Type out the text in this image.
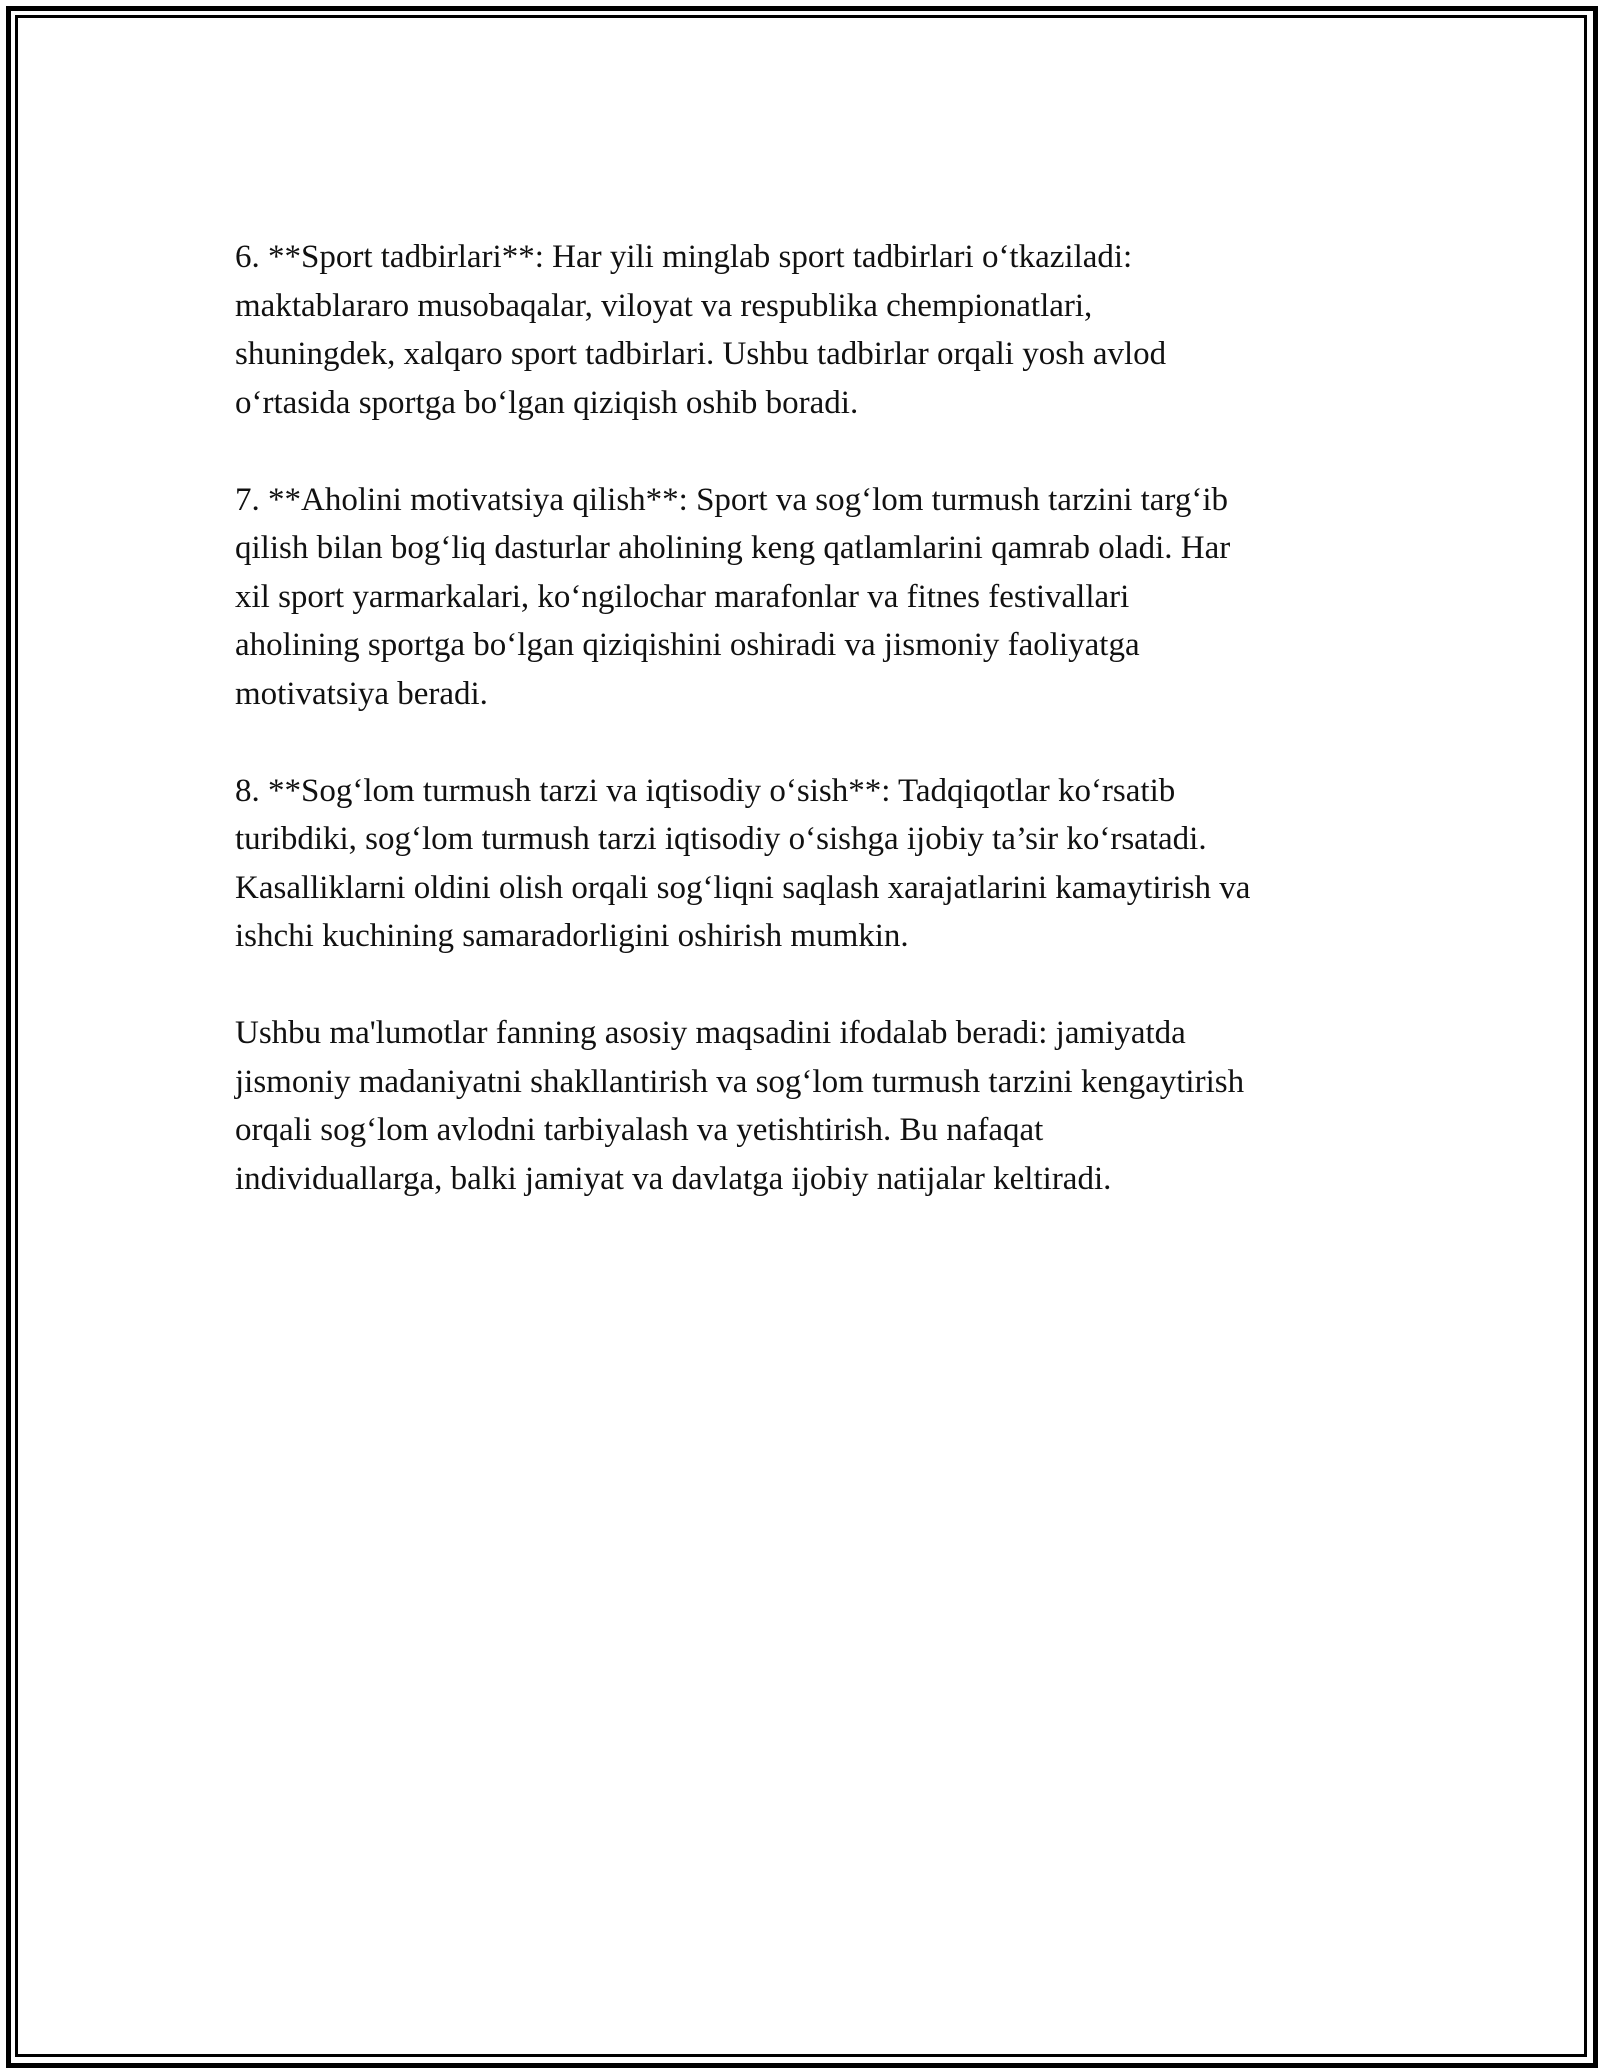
6. **Sport tadbirlari**: Har yili minglab sport tadbirlari o‘tkaziladi:
maktablararo musobaqalar, viloyat va respublika chempionatlari,
shuningdek, xalqaro sport tadbirlari. Ushbu tadbirlar orqali yosh avlod
o‘rtasida sportga bo‘lgan qiziqish oshib boradi.

7. **Aholini motivatsiya qilish**: Sport va sog‘lom turmush tarzini targ‘ib
qilish bilan bog‘liq dasturlar aholining keng qatlamlarini qamrab oladi. Har
xil sport yarmarkalari, ko‘ngilochar marafonlar va fitnes festivallari
aholining sportga bo‘lgan qiziqishini oshiradi va jismoniy faoliyatga
motivatsiya beradi.

8. **Sog‘lom turmush tarzi va iqtisodiy o‘sish**: Tadqiqotlar ko‘rsatib
turibdiki, sog‘lom turmush tarzi iqtisodiy o‘sishga ijobiy ta’sir ko‘rsatadi.
Kasalliklarni oldini olish orqali sog‘liqni saqlash xarajatlarini kamaytirish va
ishchi kuchining samaradorligini oshirish mumkin.

Ushbu ma'lumotlar fanning asosiy maqsadini ifodalab beradi: jamiyatda
jismoniy madaniyatni shakllantirish va sog‘lom turmush tarzini kengaytirish
orqali sog‘lom avlodni tarbiyalash va yetishtirish. Bu nafaqat
individuallarga, balki jamiyat va davlatga ijobiy natijalar keltiradi.
